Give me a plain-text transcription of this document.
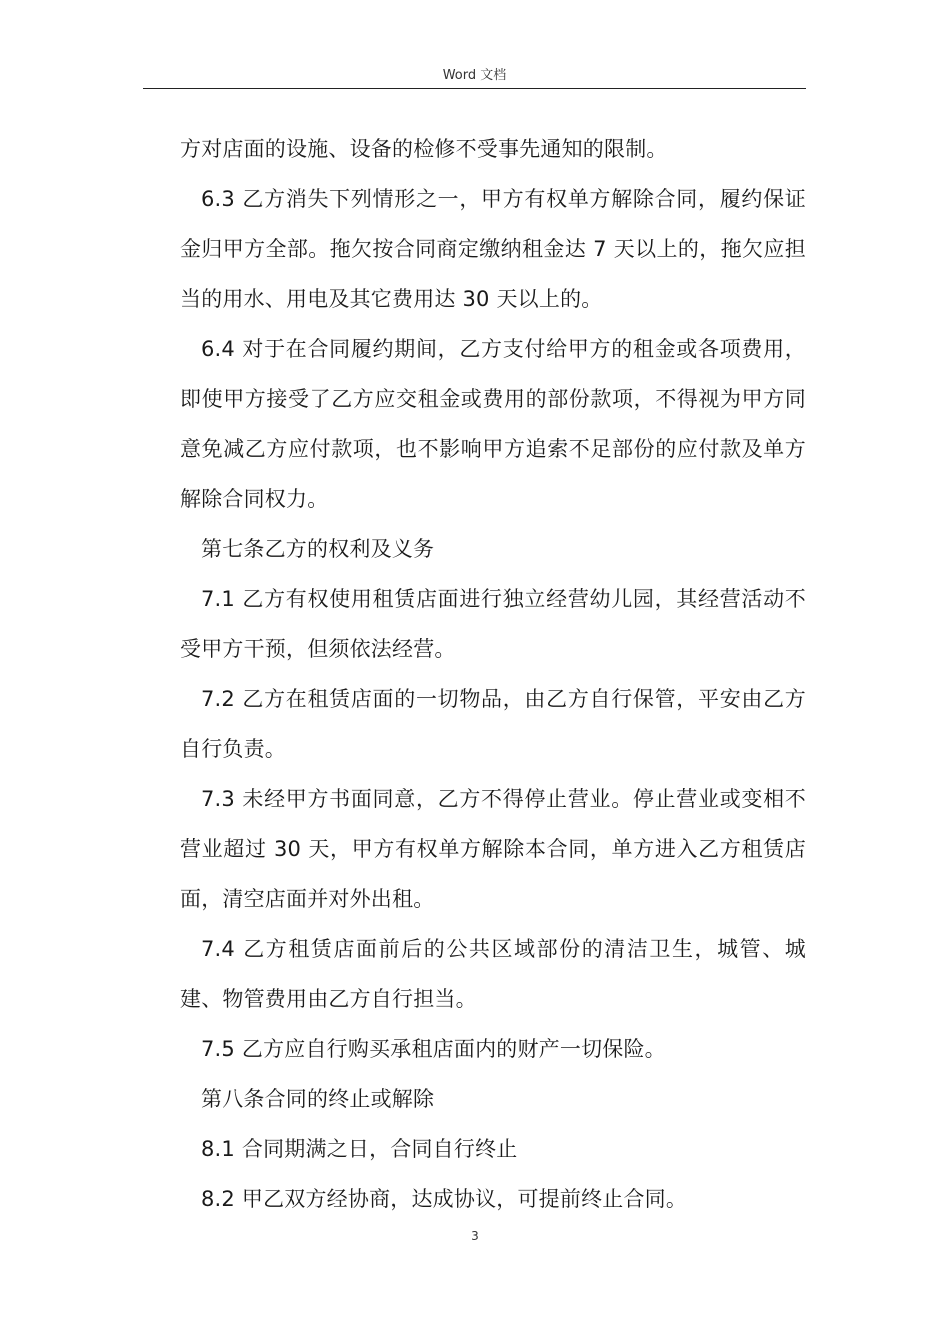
Word 文档

方对店面的设施、设备的检修不受事先通知的限制。

6.3 乙方消失下列情形之一，甲方有权单方解除合同，履约保证金归甲方全部。拖欠按合同商定缴纳租金达 7 天以上的，拖欠应担当的用水、用电及其它费用达 30 天以上的。

6.4 对于在合同履约期间，乙方支付给甲方的租金或各项费用，即使甲方接受了乙方应交租金或费用的部份款项，不得视为甲方同意免减乙方应付款项，也不影响甲方追索不足部份的应付款及单方解除合同权力。

第七条乙方的权利及义务

7.1 乙方有权使用租赁店面进行独立经营幼儿园，其经营活动不受甲方干预，但须依法经营。

7.2 乙方在租赁店面的一切物品，由乙方自行保管，平安由乙方自行负责。

7.3 未经甲方书面同意，乙方不得停止营业。停止营业或变相不营业超过 30 天，甲方有权单方解除本合同，单方进入乙方租赁店面，清空店面并对外出租。

7.4 乙方租赁店面前后的公共区域部份的清洁卫生，城管、城建、物管费用由乙方自行担当。

7.5 乙方应自行购买承租店面内的财产一切保险。

第八条合同的终止或解除

8.1 合同期满之日，合同自行终止

8.2 甲乙双方经协商，达成协议，可提前终止合同。

3
